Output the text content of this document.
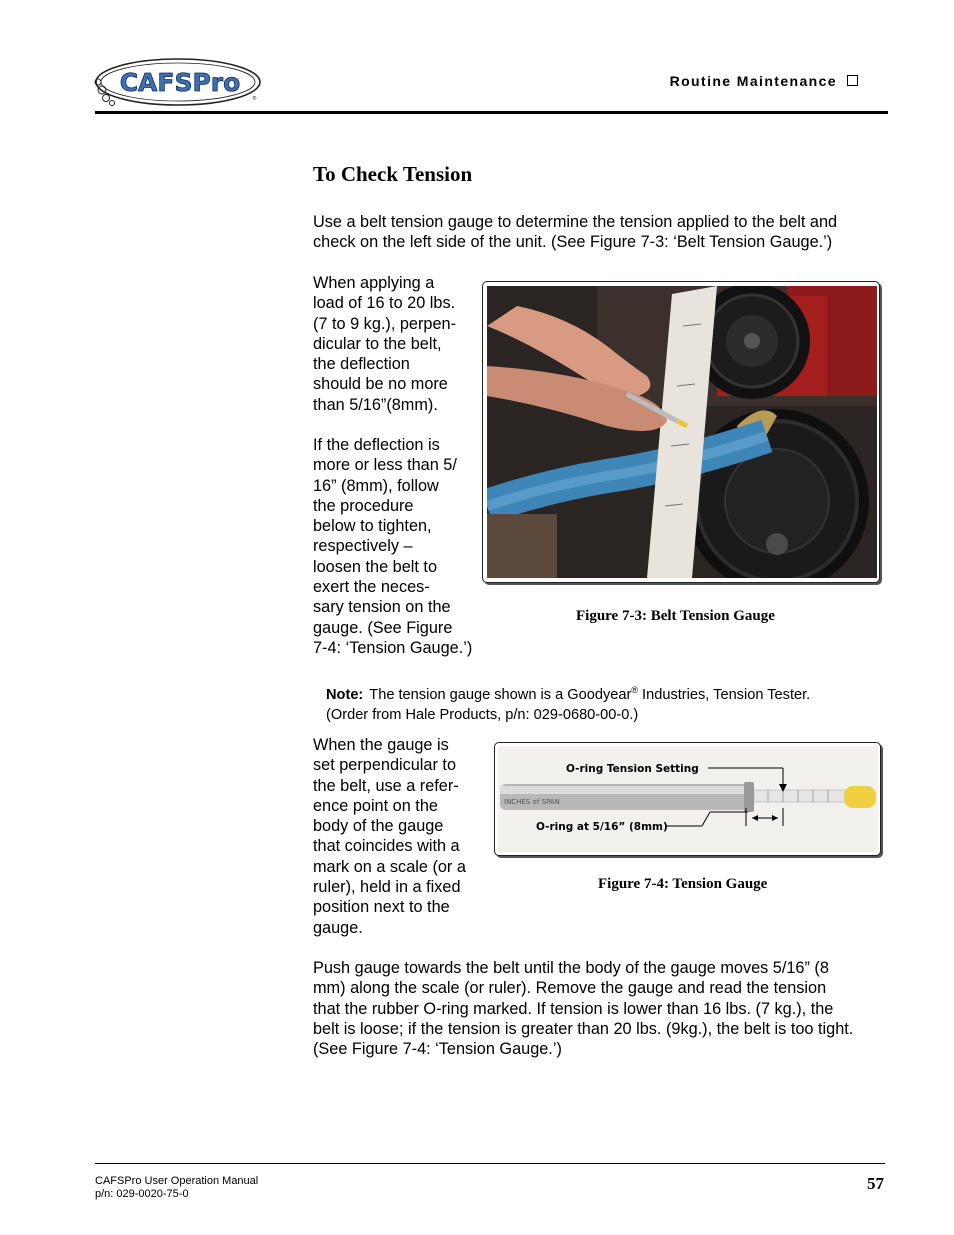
CAFSPro
®
Routine Maintenance
To Check Tension
Use a belt tension gauge to determine the tension applied to the belt and
check on the left side of the unit. (See Figure 7-3: ‘Belt Tension Gauge.’)
When applying a
load of 16 to 20 lbs.
(7 to 9 kg.), perpen-
dicular to the belt,
the deflection
should be no more
than 5/16”(8mm).
If the deflection is
more or less than 5/
16” (8mm), follow
the procedure
below to tighten,
respectively –
loosen the belt to
exert the neces-
sary tension on the
gauge. (See Figure
7-4: ‘Tension Gauge.’)
Figure 7-3: Belt Tension Gauge
Note: The tension gauge shown is a Goodyear® Industries, Tension Tester.
(Order from Hale Products, p/n: 029-0680-00-0.)
When the gauge is
set perpendicular to
the belt, use a refer-
ence point on the
body of the gauge
that coincides with a
mark on a scale (or a
ruler), held in a fixed
position next to the
gauge.
INCHES of SPAN
O-ring Tension Setting
O-ring at 5/16” (8mm)
Figure 7-4: Tension Gauge
Push gauge towards the belt until the body of the gauge moves 5/16” (8
mm) along the scale (or ruler). Remove the gauge and read the tension
that the rubber O-ring marked. If tension is lower than 16 lbs. (7 kg.), the
belt is loose; if the tension is greater than 20 lbs. (9kg.), the belt is too tight.
(See Figure 7-4: ‘Tension Gauge.’)
CAFSPro User Operation Manual
p/n: 029-0020-75-0
57
